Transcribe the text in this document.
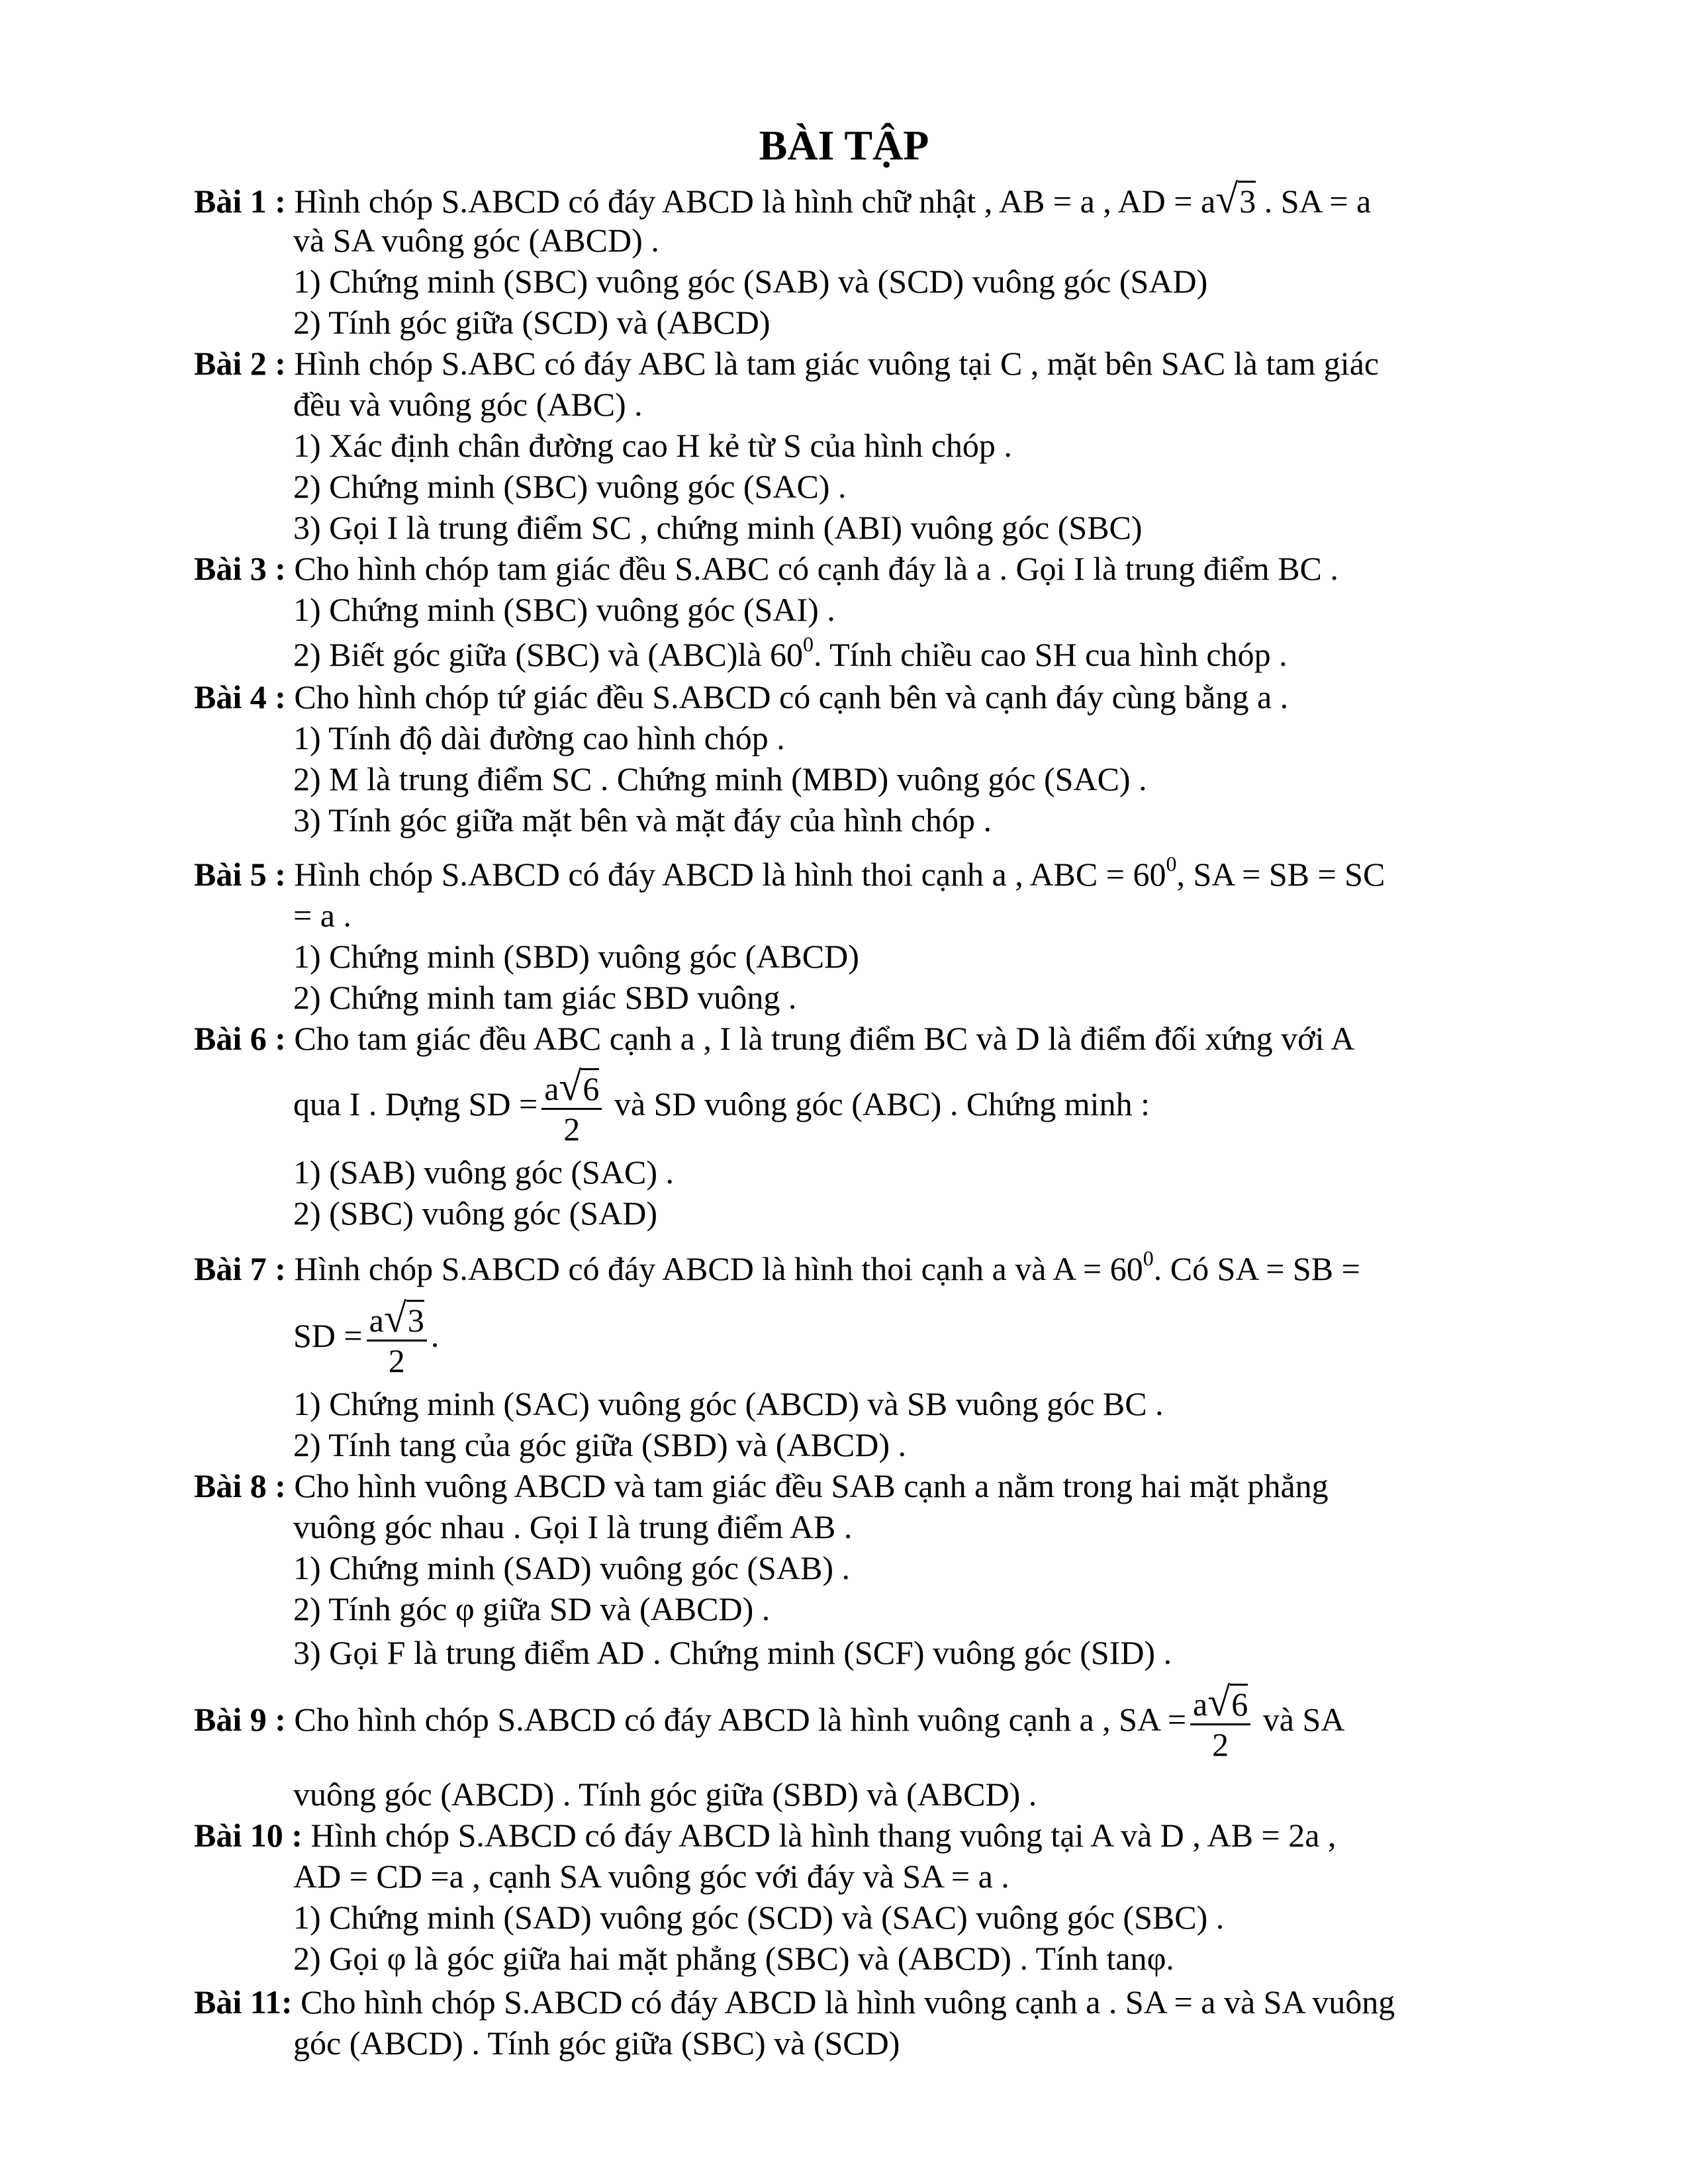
BÀI TẬP
Bài 1 : Hình chóp S.ABCD có đáy ABCD là hình chữ nhật , AB = a , AD = a√3 . SA = a
và SA vuông góc (ABCD) .
1) Chứng minh (SBC) vuông góc (SAB) và (SCD) vuông góc (SAD)
2) Tính góc giữa (SCD) và (ABCD)
Bài 2 : Hình chóp S.ABC có đáy ABC là tam giác vuông tại C , mặt bên SAC là tam giác
đều và vuông góc (ABC) .
1) Xác định chân đường cao H kẻ từ S của hình chóp .
2) Chứng minh (SBC) vuông góc (SAC) .
3) Gọi I là trung điểm SC , chứng minh (ABI) vuông góc (SBC)
Bài 3 : Cho hình chóp tam giác đều S.ABC có cạnh đáy là a . Gọi I là trung điểm BC .
1) Chứng minh (SBC) vuông góc (SAI) .
2) Biết góc giữa (SBC) và (ABC)là $60^0$. Tính chiều cao SH cua hình chóp .
Bài 4 : Cho hình chóp tứ giác đều S.ABCD có cạnh bên và cạnh đáy cùng bằng a .
1) Tính độ dài đường cao hình chóp .
2) M là trung điểm SC . Chứng minh (MBD) vuông góc (SAC) .
3) Tính góc giữa mặt bên và mặt đáy của hình chóp .
Bài 5 : Hình chóp S.ABCD có đáy ABCD là hình thoi cạnh a , ABC = $60^0$, SA = SB = SC
= a .
1) Chứng minh (SBD) vuông góc (ABCD)
2) Chứng minh tam giác SBD vuông .
Bài 6 : Cho tam giác đều ABC cạnh a , I là trung điểm BC và D là điểm đối xứng với A
qua I . Dựng SD = $\frac{a√6}{2}$ và SD vuông góc (ABC) . Chứng minh :
1) (SAB) vuông góc (SAC) .
2) (SBC) vuông góc (SAD)
Bài 7 : Hình chóp S.ABCD có đáy ABCD là hình thoi cạnh a và $A = 60^0$. Có SA = SB =
SD = $\frac{a√3}{2}$ .
1) Chứng minh (SAC) vuông góc (ABCD) và SB vuông góc BC .
2) Tính tang của góc giữa (SBD) và (ABCD) .
Bài 8 : Cho hình vuông ABCD và tam giác đều SAB cạnh a nằm trong hai mặt phẳng
vuông góc nhau . Gọi I là trung điểm AB .
1) Chứng minh (SAD) vuông góc (SAB) .
2) Tính góc φ giữa SD và (ABCD) .
3) Gọi F là trung điểm AD . Chứng minh (SCF) vuông góc (SID) .
Bài 9 : Cho hình chóp S.ABCD có đáy ABCD là hình vuông cạnh a , SA = $\frac{a√6}{2}$ và SA
vuông góc (ABCD) . Tính góc giữa (SBD) và (ABCD) .
Bài 10 : Hình chóp S.ABCD có đáy ABCD là hình thang vuông tại A và D , AB = 2a ,
AD = CD =a , cạnh SA vuông góc với đáy và SA = a .
1) Chứng minh (SAD) vuông góc (SCD) và (SAC) vuông góc (SBC) .
2) Gọi φ là góc giữa hai mặt phẳng (SBC) và (ABCD) . Tính tanφ.
Bài 11: Cho hình chóp S.ABCD có đáy ABCD là hình vuông cạnh a . SA = a và SA vuông
góc (ABCD) . Tính góc giữa (SBC) và (SCD)
